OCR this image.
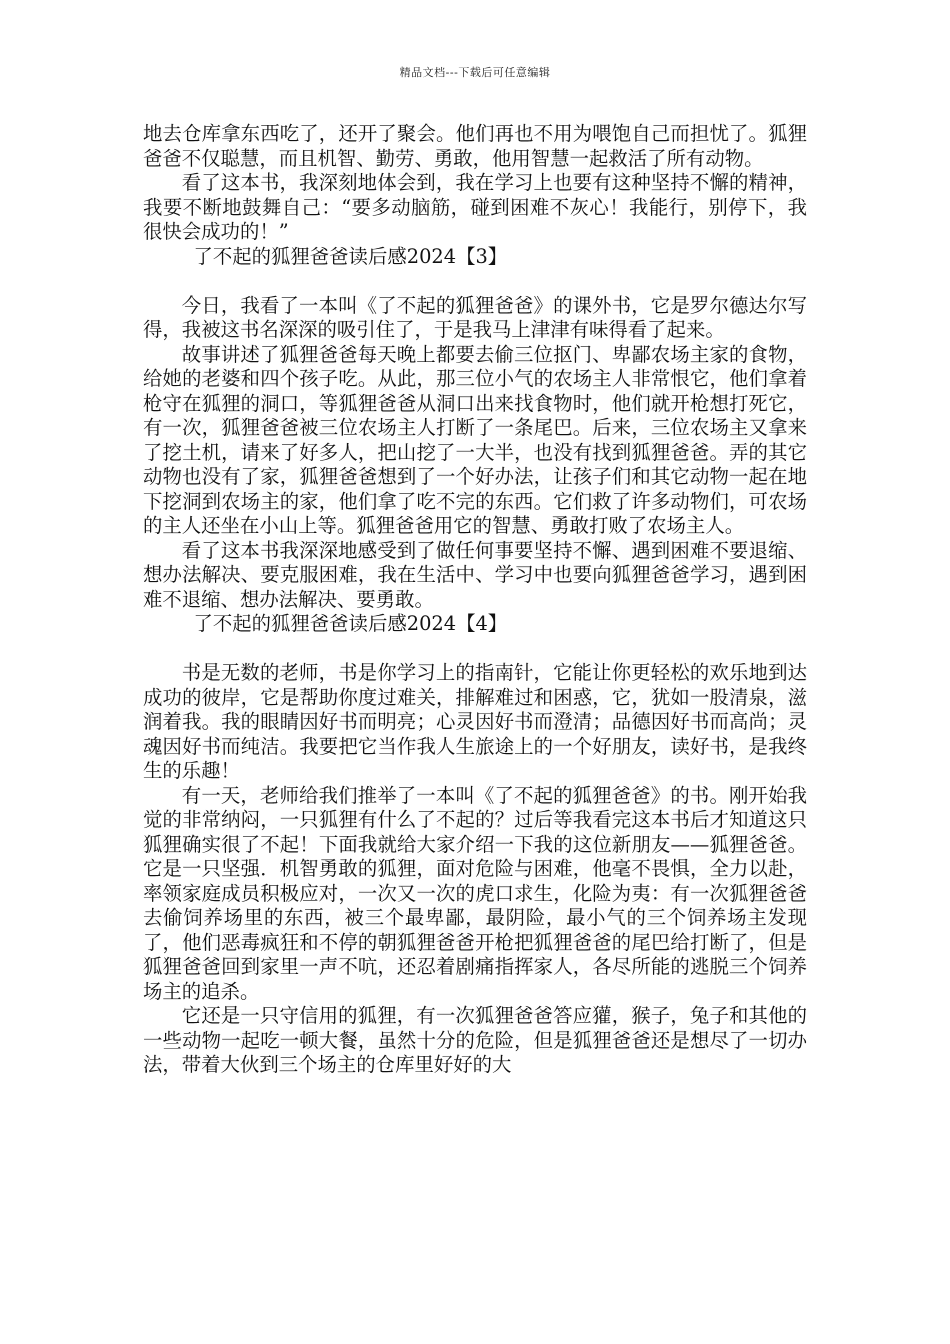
精品文档---下载后可任意编辑

地去仓库拿东西吃了，还开了聚会。他们再也不用为喂饱自己而担忧了。狐狸爸爸不仅聪慧，而且机智、勤劳、勇敢，他用智慧一起救活了所有动物。

看了这本书，我深刻地体会到，我在学习上也要有这种坚持不懈的精神，我要不断地鼓舞自己：“要多动脑筋，碰到困难不灰心！我能行，别停下，我很快会成功的！”

了不起的狐狸爸爸读后感2024【3】

今日，我看了一本叫《了不起的狐狸爸爸》的课外书，它是罗尔德达尔写得，我被这书名深深的吸引住了，于是我马上津津有味得看了起来。

故事讲述了狐狸爸爸每天晚上都要去偷三位抠门、卑鄙农场主家的食物，给她的老婆和四个孩子吃。从此，那三位小气的农场主人非常恨它，他们拿着枪守在狐狸的洞口，等狐狸爸爸从洞口出来找食物时，他们就开枪想打死它，有一次，狐狸爸爸被三位农场主人打断了一条尾巴。后来，三位农场主又拿来了挖土机，请来了好多人，把山挖了一大半，也没有找到狐狸爸爸。弄的其它动物也没有了家，狐狸爸爸想到了一个好办法，让孩子们和其它动物一起在地下挖洞到农场主的家，他们拿了吃不完的东西。它们救了许多动物们，可农场的主人还坐在小山上等。狐狸爸爸用它的智慧、勇敢打败了农场主人。

看了这本书我深深地感受到了做任何事要坚持不懈、遇到困难不要退缩、想办法解决、要克服困难，我在生活中、学习中也要向狐狸爸爸学习，遇到困难不退缩、想办法解决、要勇敢。

了不起的狐狸爸爸读后感2024【4】

书是无数的老师，书是你学习上的指南针，它能让你更轻松的欢乐地到达成功的彼岸，它是帮助你度过难关，排解难过和困惑，它，犹如一股清泉，滋润着我。我的眼睛因好书而明亮；心灵因好书而澄清；品德因好书而高尚；灵魂因好书而纯洁。我要把它当作我人生旅途上的一个好朋友，读好书，是我终生的乐趣！

有一天，老师给我们推举了一本叫《了不起的狐狸爸爸》的书。刚开始我觉的非常纳闷，一只狐狸有什么了不起的？过后等我看完这本书后才知道这只狐狸确实很了不起！下面我就给大家介绍一下我的这位新朋友——狐狸爸爸。它是一只坚强．机智勇敢的狐狸，面对危险与困难，他毫不畏惧，全力以赴，率领家庭成员积极应对，一次又一次的虎口求生，化险为夷：有一次狐狸爸爸去偷饲养场里的东西，被三个最卑鄙，最阴险，最小气的三个饲养场主发现了，他们恶毒疯狂和不停的朝狐狸爸爸开枪把狐狸爸爸的尾巴给打断了，但是狐狸爸爸回到家里一声不吭，还忍着剧痛指挥家人，各尽所能的逃脱三个饲养场主的追杀。

它还是一只守信用的狐狸，有一次狐狸爸爸答应獾，猴子，兔子和其他的一些动物一起吃一顿大餐，虽然十分的危险，但是狐狸爸爸还是想尽了一切办法，带着大伙到三个场主的仓库里好好的大
